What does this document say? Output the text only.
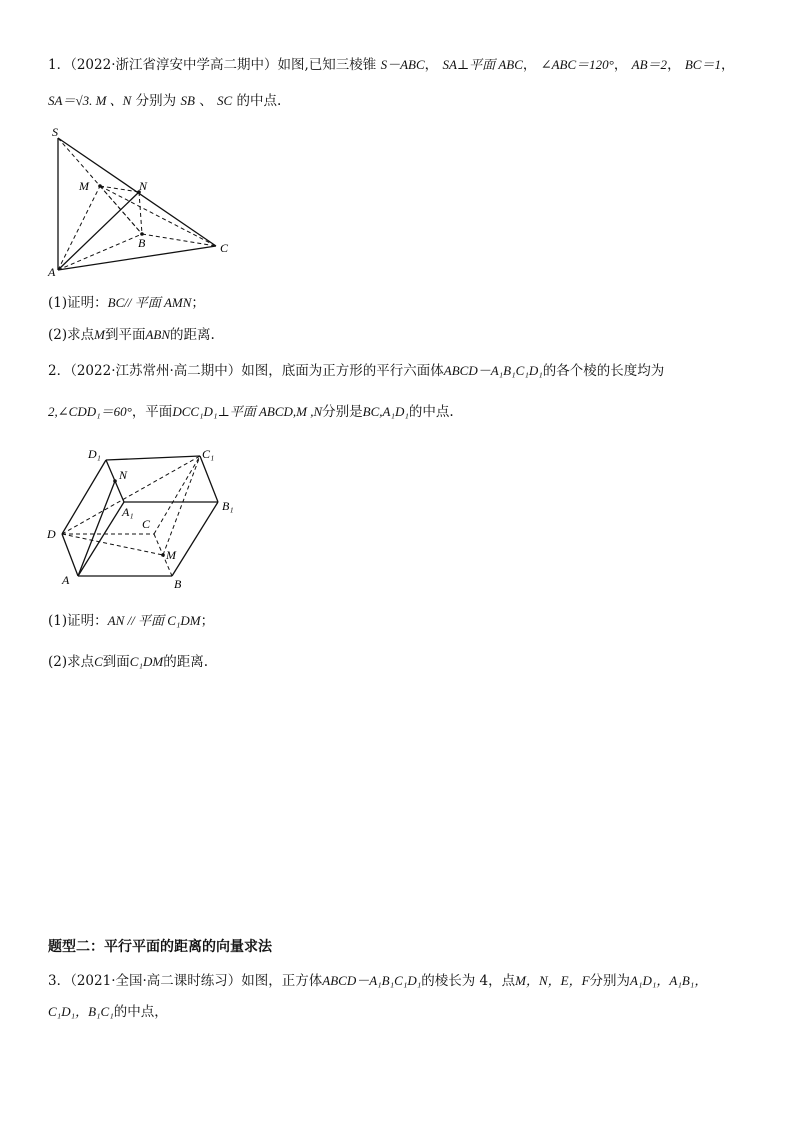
1．（2022·浙江省淳安中学高二期中）如图,已知三棱锥 S－ABC， SA⊥平面 ABC， ∠ABC＝120°， AB＝2， BC＝1，
SA＝√3. M 、N 分别为 SB 、 SC 的中点.
S
M	N
B	C
A
(1)证明：BC// 平面 AMN；
(2)求点M到平面ABN的距离.
2．（2022·江苏常州·高二期中）如图，底面为正方形的平行六面体ABCD－A₁B₁C₁D₁的各个棱的长度均为
2,∠CDD₁＝60°，平面DCC₁D₁⊥平面 ABCD,M ,N分别是BC,A₁D₁的中点.
D₁	C₁
N
B₁
A₁
C
D
M
A	B
(1)证明：AN // 平面 C₁DM；
(2)求点C到面C₁DM的距离.
题型二：平行平面的距离的向量求法
3．（2021·全国·高二课时练习）如图，正方体ABCD－A₁B₁C₁D₁的棱长为 4，点M，N，E，F分别为A₁D₁，A₁B₁，
C₁D₁，B₁C₁的中点，
